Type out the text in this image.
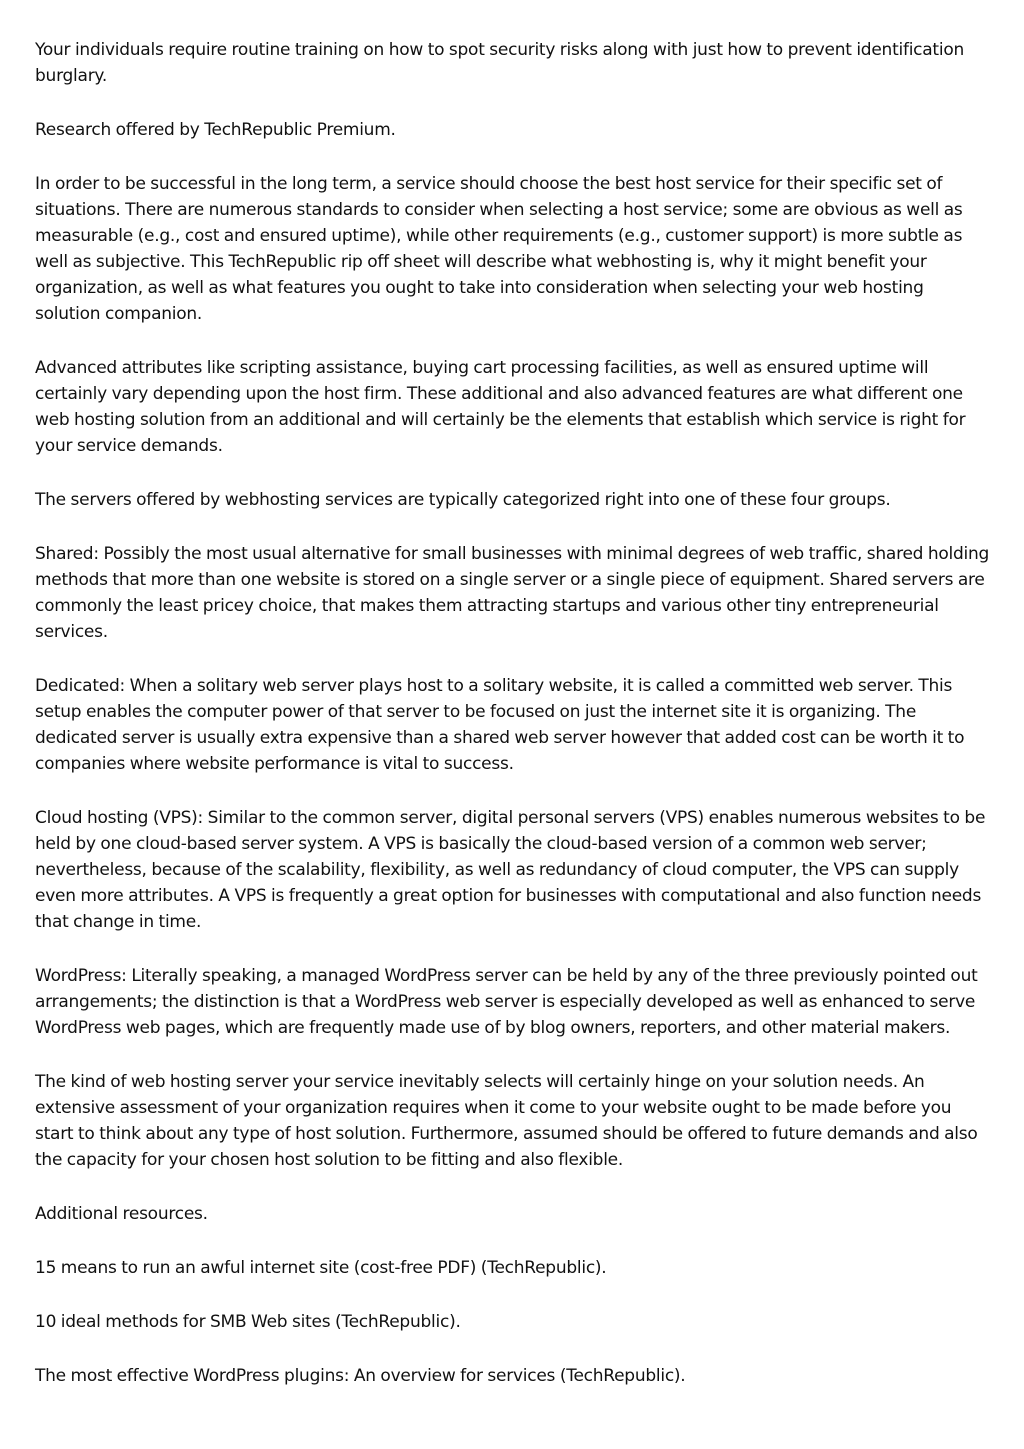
Your individuals require routine training on how to spot security risks along with just how to prevent identification burglary.

Research offered by TechRepublic Premium.

In order to be successful in the long term, a service should choose the best host service for their specific set of situations. There are numerous standards to consider when selecting a host service; some are obvious as well as measurable (e.g., cost and ensured uptime), while other requirements (e.g., customer support) is more subtle as well as subjective. This TechRepublic rip off sheet will describe what webhosting is, why it might benefit your organization, as well as what features you ought to take into consideration when selecting your web hosting solution companion.

Advanced attributes like scripting assistance, buying cart processing facilities, as well as ensured uptime will certainly vary depending upon the host firm. These additional and also advanced features are what different one web hosting solution from an additional and will certainly be the elements that establish which service is right for your service demands.

The servers offered by webhosting services are typically categorized right into one of these four groups.

Shared: Possibly the most usual alternative for small businesses with minimal degrees of web traffic, shared holding methods that more than one website is stored on a single server or a single piece of equipment. Shared servers are commonly the least pricey choice, that makes them attracting startups and various other tiny entrepreneurial services.

Dedicated: When a solitary web server plays host to a solitary website, it is called a committed web server. This setup enables the computer power of that server to be focused on just the internet site it is organizing. The dedicated server is usually extra expensive than a shared web server however that added cost can be worth it to companies where website performance is vital to success.

Cloud hosting (VPS): Similar to the common server, digital personal servers (VPS) enables numerous websites to be held by one cloud-based server system. A VPS is basically the cloud-based version of a common web server; nevertheless, because of the scalability, flexibility, as well as redundancy of cloud computer, the VPS can supply even more attributes. A VPS is frequently a great option for businesses with computational and also function needs that change in time.

WordPress: Literally speaking, a managed WordPress server can be held by any of the three previously pointed out arrangements; the distinction is that a WordPress web server is especially developed as well as enhanced to serve WordPress web pages, which are frequently made use of by blog owners, reporters, and other material makers.

The kind of web hosting server your service inevitably selects will certainly hinge on your solution needs. An extensive assessment of your organization requires when it come to your website ought to be made before you start to think about any type of host solution. Furthermore, assumed should be offered to future demands and also the capacity for your chosen host solution to be fitting and also flexible.

Additional resources.

15 means to run an awful internet site (cost-free PDF) (TechRepublic).

10 ideal methods for SMB Web sites (TechRepublic).

The most effective WordPress plugins: An overview for services (TechRepublic).
